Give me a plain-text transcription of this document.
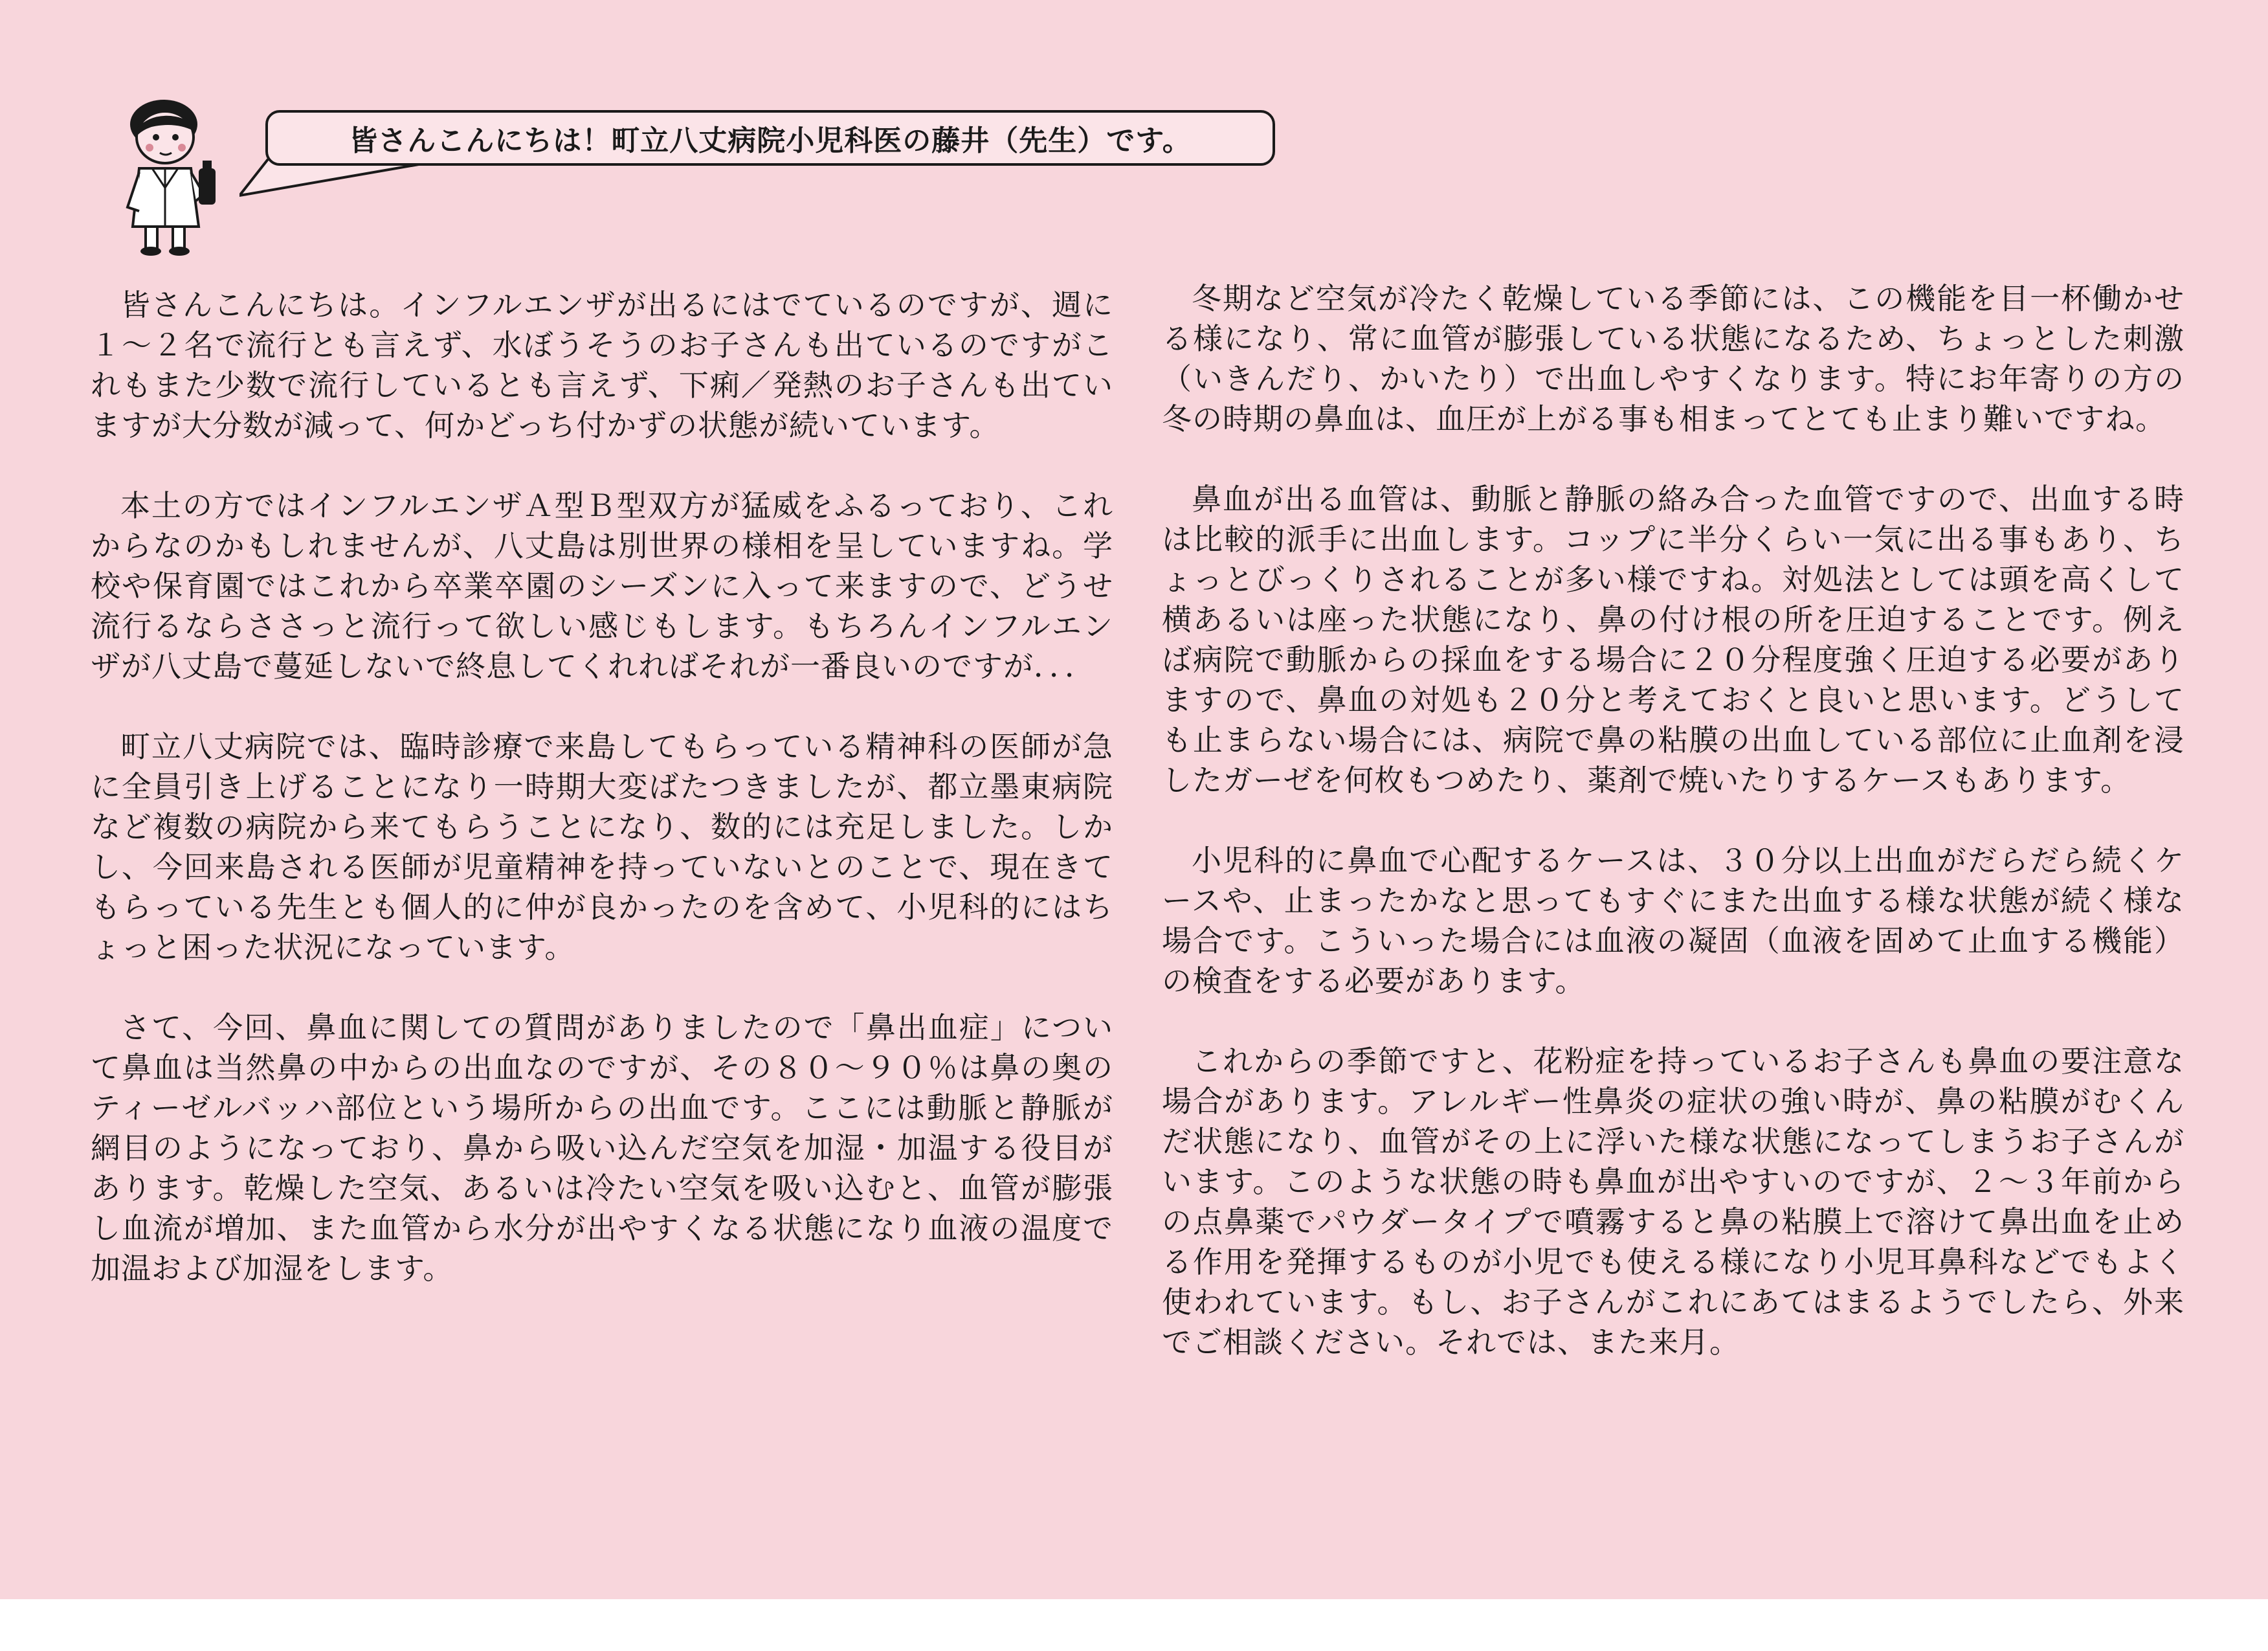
皆さんこんにちは！町立八丈病院小児科医の藤井（先生）です。

皆さんこんにちは。インフルエンザが出るにはでているのですが、週に１～２名で流行とも言えず、水ぼうそうのお子さんも出ているのですがこれもまた少数で流行しているとも言えず、下痢／発熱のお子さんも出ていますが大分数が減って、何かどっち付かずの状態が続いています。

本土の方ではインフルエンザＡ型Ｂ型双方が猛威をふるっており、これからなのかもしれませんが、八丈島は別世界の様相を呈していますね。学校や保育園ではこれから卒業卒園のシーズンに入って来ますので、どうせ流行るならささっと流行って欲しい感じもします。もちろんインフルエンザが八丈島で蔓延しないで終息してくれればそれが一番良いのですが．．．

町立八丈病院では、臨時診療で来島してもらっている精神科の医師が急に全員引き上げることになり一時期大変ばたつきましたが、都立墨東病院など複数の病院から来てもらうことになり、数的には充足しました。しかし、今回来島される医師が児童精神を持っていないとのことで、現在きてもらっている先生とも個人的に仲が良かったのを含めて、小児科的にはちょっと困った状況になっています。

さて、今回、鼻血に関しての質問がありましたので「鼻出血症」について鼻血は当然鼻の中からの出血なのですが、その８０～９０％は鼻の奥のティーゼルバッハ部位という場所からの出血です。ここには動脈と静脈が網目のようになっており、鼻から吸い込んだ空気を加湿・加温する役目があります。乾燥した空気、あるいは冷たい空気を吸い込むと、血管が膨張し血流が増加、また血管から水分が出やすくなる状態になり血液の温度で加温および加湿をします。

冬期など空気が冷たく乾燥している季節には、この機能を目一杯働かせる様になり、常に血管が膨張している状態になるため、ちょっとした刺激（いきんだり、かいたり）で出血しやすくなります。特にお年寄りの方の冬の時期の鼻血は、血圧が上がる事も相まってとても止まり難いですね。

鼻血が出る血管は、動脈と静脈の絡み合った血管ですので、出血する時は比較的派手に出血します。コップに半分くらい一気に出る事もあり、ちょっとびっくりされることが多い様ですね。対処法としては頭を高くして横あるいは座った状態になり、鼻の付け根の所を圧迫することです。例えば病院で動脈からの採血をする場合に２０分程度強く圧迫する必要がありますので、鼻血の対処も２０分と考えておくと良いと思います。どうしても止まらない場合には、病院で鼻の粘膜の出血している部位に止血剤を浸したガーゼを何枚もつめたり、薬剤で焼いたりするケースもあります。

小児科的に鼻血で心配するケースは、３０分以上出血がだらだら続くケースや、止まったかなと思ってもすぐにまた出血する様な状態が続く様な場合です。こういった場合には血液の凝固（血液を固めて止血する機能）の検査をする必要があります。

これからの季節ですと、花粉症を持っているお子さんも鼻血の要注意な場合があります。アレルギー性鼻炎の症状の強い時が、鼻の粘膜がむくんだ状態になり、血管がその上に浮いた様な状態になってしまうお子さんがいます。このような状態の時も鼻血が出やすいのですが、２～３年前からの点鼻薬でパウダータイプで噴霧すると鼻の粘膜上で溶けて鼻出血を止める作用を発揮するものが小児でも使える様になり小児耳鼻科などでもよく使われています。もし、お子さんがこれにあてはまるようでしたら、外来でご相談ください。それでは、また来月。
